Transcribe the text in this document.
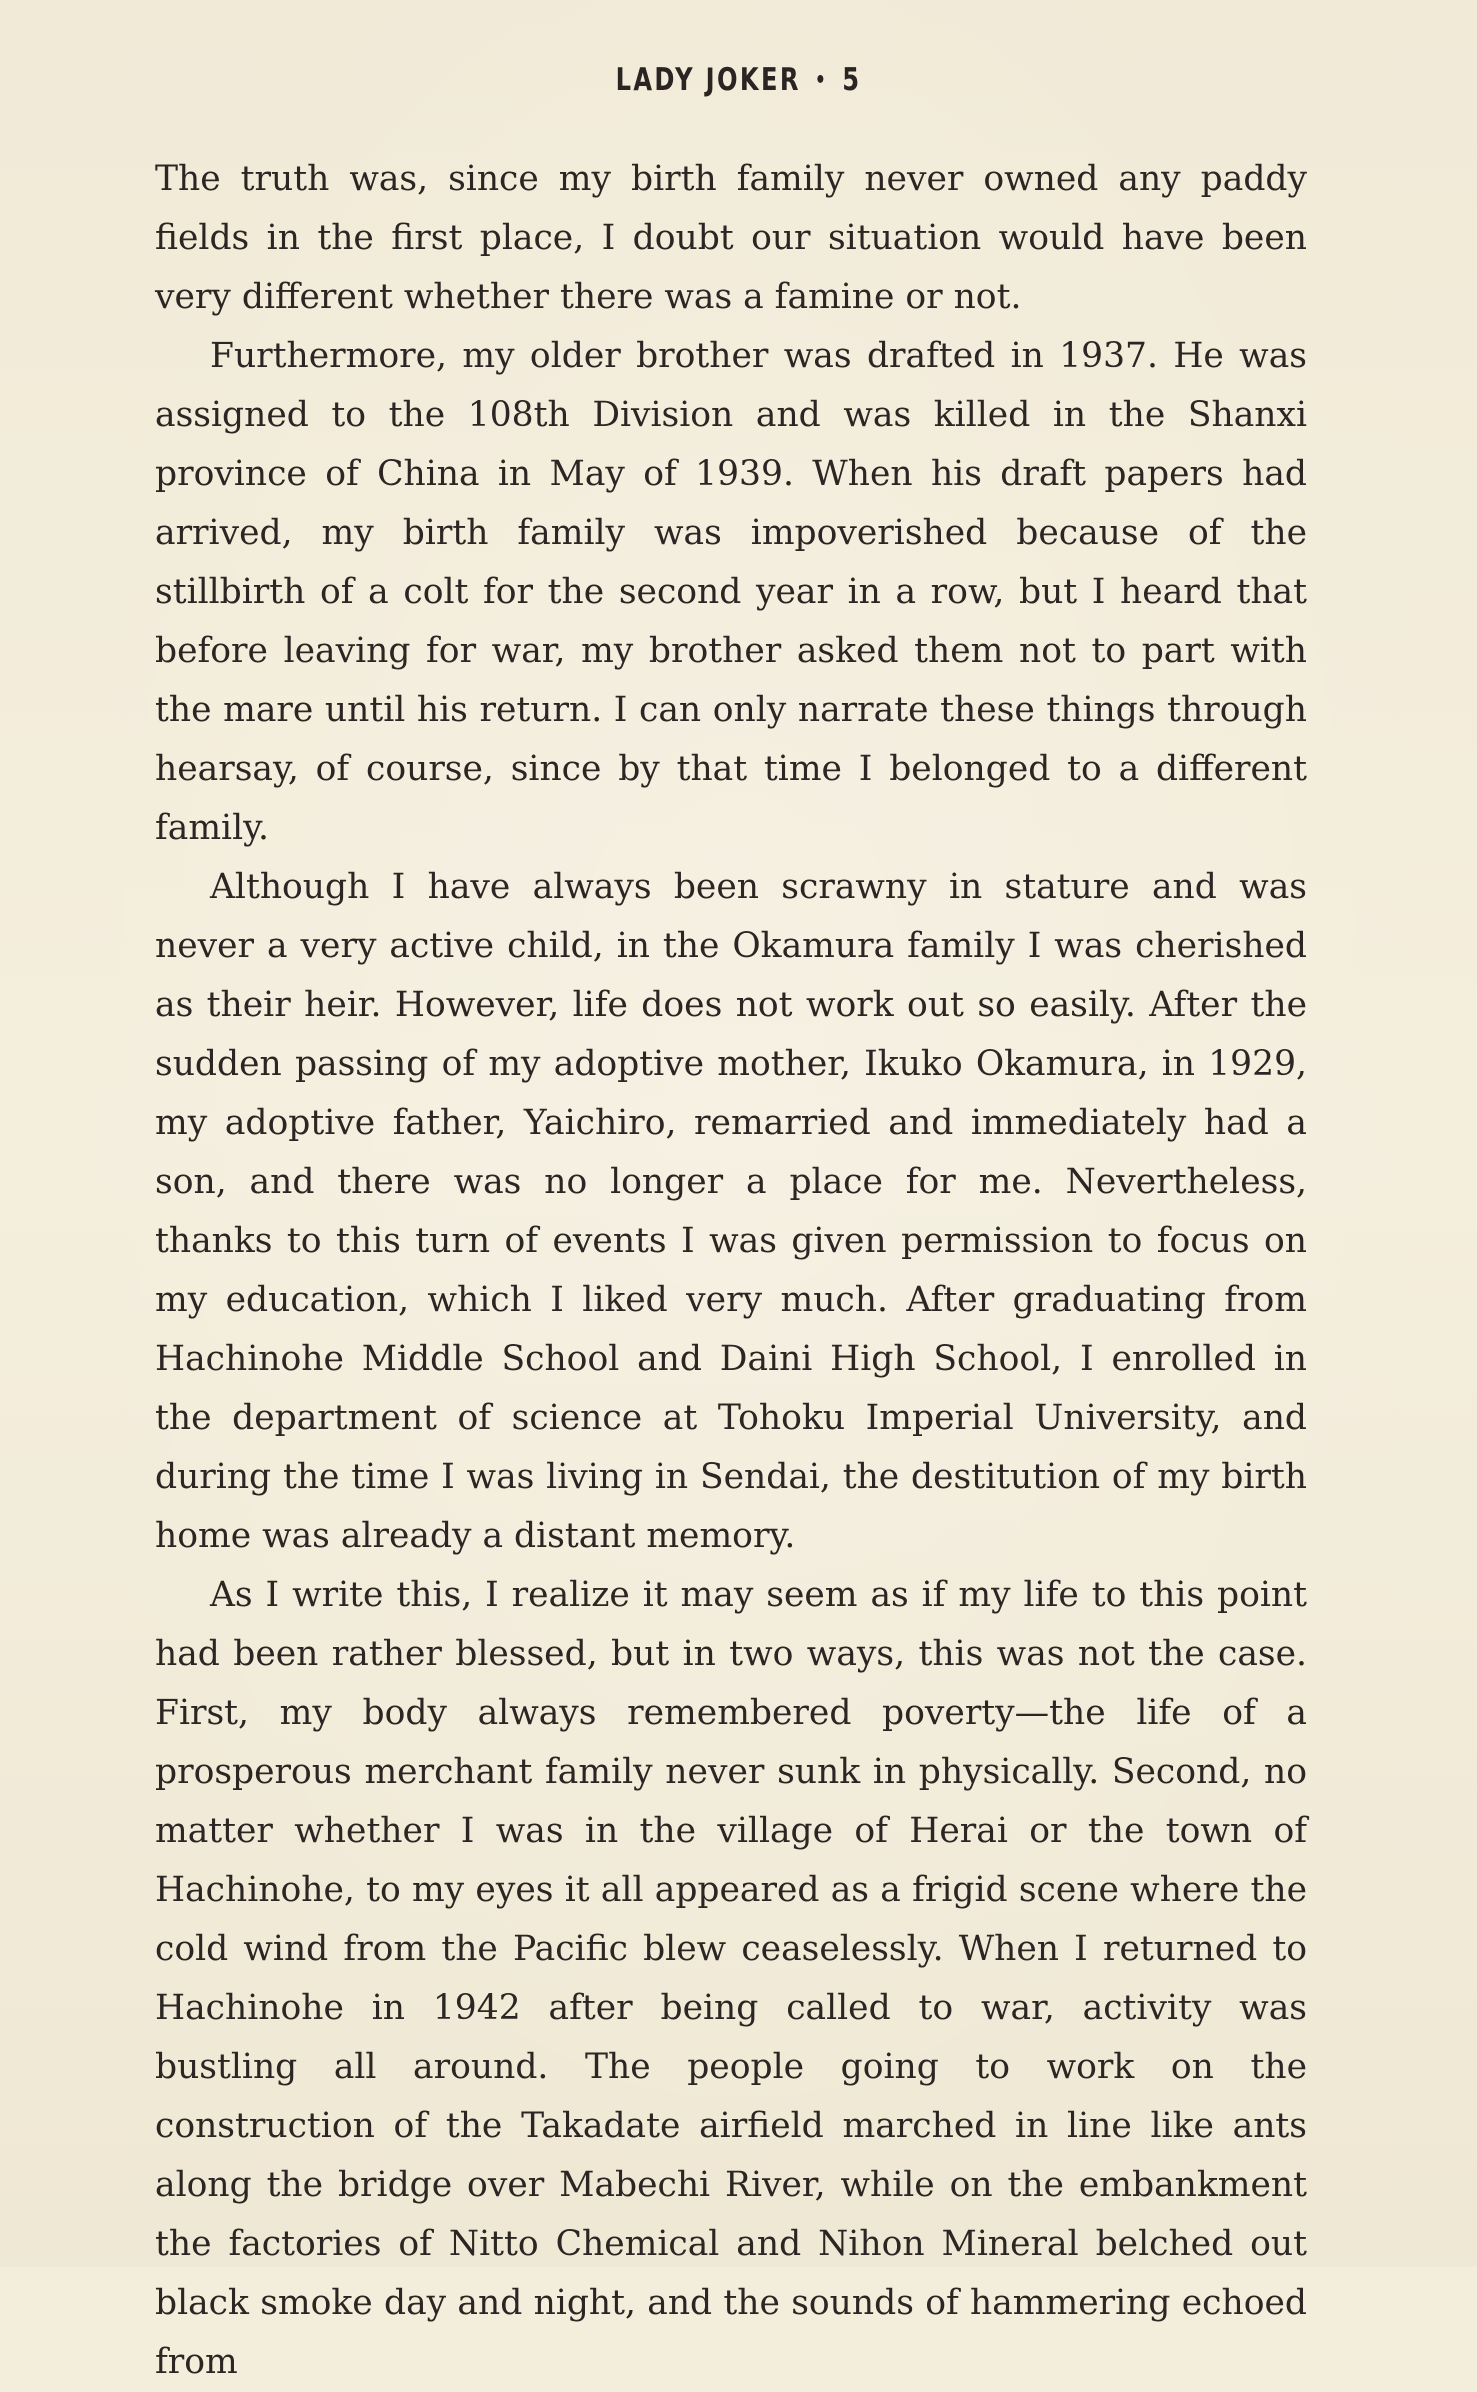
LADY JOKER • 5

The truth was, since my birth family never owned any paddy fields in the first place, I doubt our situation would have been very different whether there was a famine or not.

Furthermore, my older brother was drafted in 1937. He was assigned to the 108th Division and was killed in the Shanxi province of China in May of 1939. When his draft papers had arrived, my birth family was impoverished because of the stillbirth of a colt for the second year in a row, but I heard that before leaving for war, my brother asked them not to part with the mare until his return. I can only narrate these things through hearsay, of course, since by that time I belonged to a different family.

Although I have always been scrawny in stature and was never a very active child, in the Okamura family I was cherished as their heir. However, life does not work out so easily. After the sudden passing of my adoptive mother, Ikuko Okamura, in 1929, my adoptive father, Yaichiro, remarried and immediately had a son, and there was no longer a place for me. Nevertheless, thanks to this turn of events I was given permission to focus on my education, which I liked very much. After graduating from Hachinohe Middle School and Daini High School, I enrolled in the department of science at Tohoku Imperial University, and during the time I was living in Sendai, the destitution of my birth home was already a distant memory.

As I write this, I realize it may seem as if my life to this point had been rather blessed, but in two ways, this was not the case. First, my body always remembered poverty—the life of a prosperous merchant family never sunk in physically. Second, no matter whether I was in the village of Herai or the town of Hachinohe, to my eyes it all appeared as a frigid scene where the cold wind from the Pacific blew ceaselessly. When I returned to Hachinohe in 1942 after being called to war, activity was bustling all around. The people going to work on the construction of the Takadate airfield marched in line like ants along the bridge over Mabechi River, while on the embankment the factories of Nitto Chemical and Nihon Mineral belched out black smoke day and night, and the sounds of hammering echoed from
